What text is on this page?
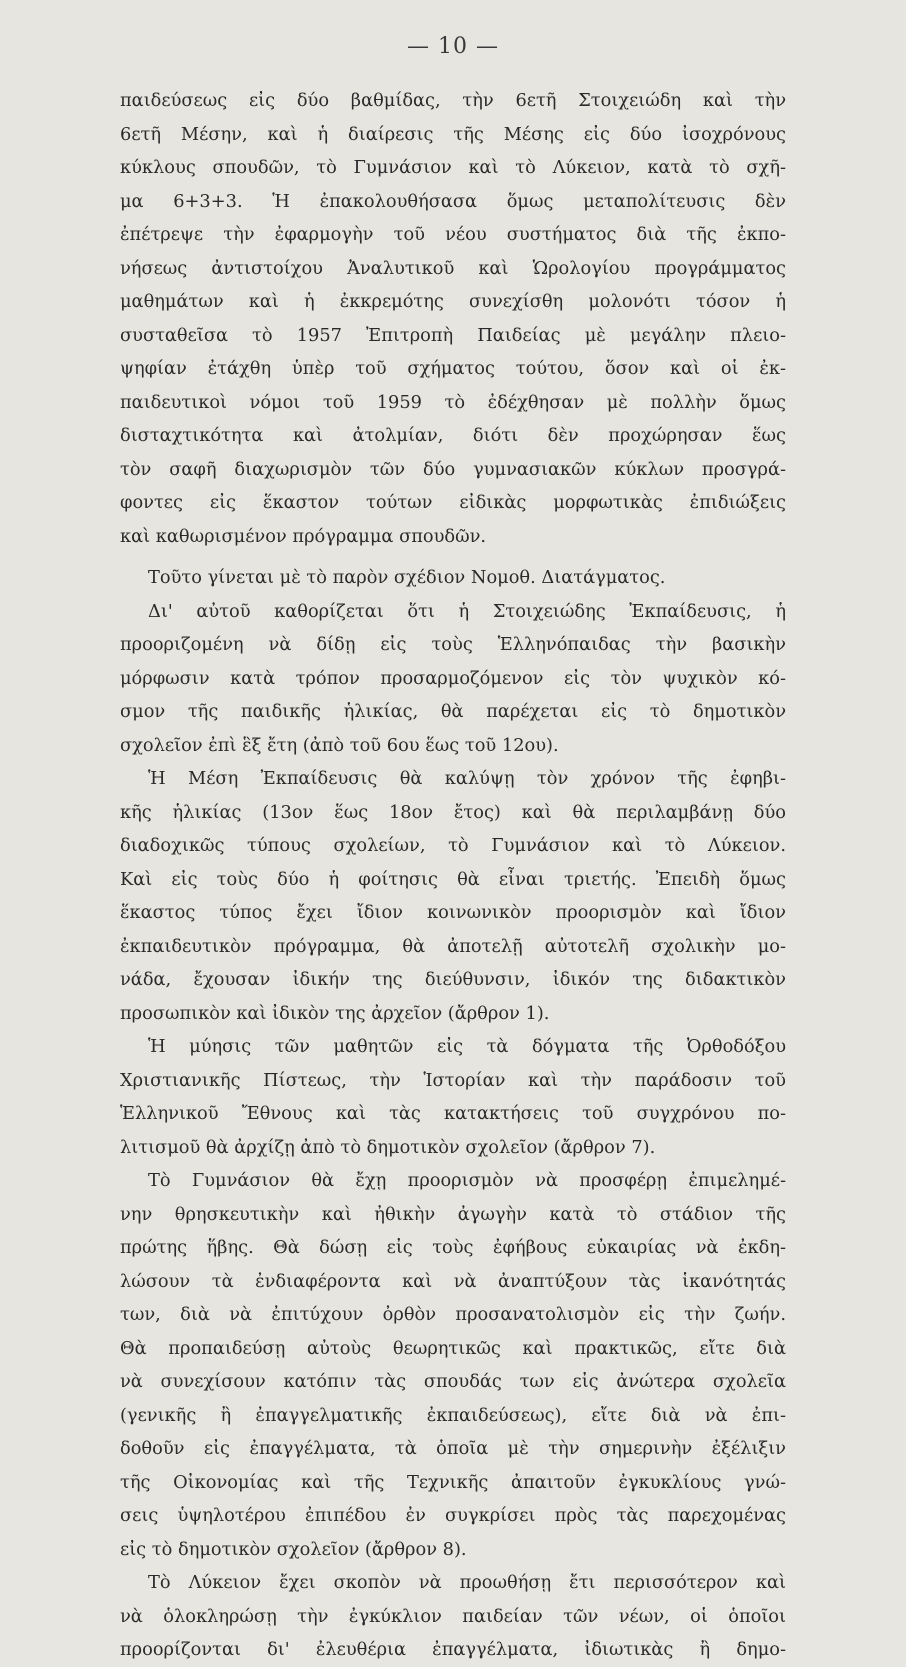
— 10 —
παιδεύσεως εἰς δύο βαθμίδας, τὴν 6ετῆ Στοιχειώδη καὶ τὴν
6ετῆ Μέσην, καὶ ἡ διαίρεσις τῆς Μέσης εἰς δύο ἰσοχρόνους
κύκλους σπουδῶν, τὸ Γυμνάσιον καὶ τὸ Λύκειον, κατὰ τὸ σχῆ-
μα 6+3+3. Ἡ ἐπακολουθήσασα ὅμως μεταπολίτευσις δὲν
ἐπέτρεψε τὴν ἐφαρμογὴν τοῦ νέου συστήματος διὰ τῆς ἐκπο-
νήσεως ἀντιστοίχου Ἀναλυτικοῦ καὶ Ὡρολογίου προγράμματος
μαθημάτων καὶ ἡ ἐκκρεμότης συνεχίσθη μολονότι τόσον ἡ
συσταθεῖσα τὸ 1957 Ἐπιτροπὴ Παιδείας μὲ μεγάλην πλειο-
ψηφίαν ἐτάχθη ὑπὲρ τοῦ σχήματος τούτου, ὅσον καὶ οἱ ἐκ-
παιδευτικοὶ νόμοι τοῦ 1959 τὸ ἐδέχθησαν μὲ πολλὴν ὅμως
δισταχτικότητα καὶ ἀτολμίαν, διότι δὲν προχώρησαν ἕως
τὸν σαφῆ διαχωρισμὸν τῶν δύο γυμνασιακῶν κύκλων προσγρά-
φοντες εἰς ἕκαστον τούτων εἰδικὰς μορφωτικὰς ἐπιδιώξεις
καὶ καθωρισμένον πρόγραμμα σπουδῶν.
Τοῦτο γίνεται μὲ τὸ παρὸν σχέδιον Νομοθ. Διατάγματος.
Δι' αὐτοῦ καθορίζεται ὅτι ἡ Στοιχειώδης Ἐκπαίδευσις, ἡ
προοριζομένη νὰ δίδῃ εἰς τοὺς Ἑλληνόπαιδας τὴν βασικὴν
μόρφωσιν κατὰ τρόπον προσαρμοζόμενον εἰς τὸν ψυχικὸν κό-
σμον τῆς παιδικῆς ἡλικίας, θὰ παρέχεται εἰς τὸ δημοτικὸν
σχολεῖον ἐπὶ ἓξ ἔτη (ἀπὸ τοῦ 6ου ἕως τοῦ 12ου).
Ἡ Μέση Ἐκπαίδευσις θὰ καλύψῃ τὸν χρόνον τῆς ἐφηβι-
κῆς ἡλικίας (13ον ἕως 18ον ἔτος) καὶ θὰ περιλαμβάνῃ δύο
διαδοχικῶς τύπους σχολείων, τὸ Γυμνάσιον καὶ τὸ Λύκειον.
Καὶ εἰς τοὺς δύο ἡ φοίτησις θὰ εἶναι τριετής. Ἐπειδὴ ὅμως
ἕκαστος τύπος ἔχει ἴδιον κοινωνικὸν προορισμὸν καὶ ἴδιον
ἐκπαιδευτικὸν πρόγραμμα, θὰ ἀποτελῇ αὐτοτελῆ σχολικὴν μο-
νάδα, ἔχουσαν ἰδικήν της διεύθυνσιν, ἰδικόν της διδακτικὸν
προσωπικὸν καὶ ἰδικὸν της ἀρχεῖον (ἄρθρον 1).
Ἡ μύησις τῶν μαθητῶν εἰς τὰ δόγματα τῆς Ὀρθοδόξου
Χριστιανικῆς Πίστεως, τὴν Ἱστορίαν καὶ τὴν παράδοσιν τοῦ
Ἑλληνικοῦ Ἔθνους καὶ τὰς κατακτήσεις τοῦ συγχρόνου πο-
λιτισμοῦ θὰ ἀρχίζῃ ἀπὸ τὸ δημοτικὸν σχολεῖον (ἄρθρον 7).
Τὸ Γυμνάσιον θὰ ἔχῃ προορισμὸν νὰ προσφέρῃ ἐπιμελημέ-
νην θρησκευτικὴν καὶ ἠθικὴν ἀγωγὴν κατὰ τὸ στάδιον τῆς
πρώτης ἥβης. Θὰ δώσῃ εἰς τοὺς ἐφήβους εὐκαιρίας νὰ ἐκδη-
λώσουν τὰ ἐνδιαφέροντα καὶ νὰ ἀναπτύξουν τὰς ἱκανότητάς
των, διὰ νὰ ἐπιτύχουν ὀρθὸν προσανατολισμὸν εἰς τὴν ζωήν.
Θὰ προπαιδεύσῃ αὐτοὺς θεωρητικῶς καὶ πρακτικῶς, εἴτε διὰ
νὰ συνεχίσουν κατόπιν τὰς σπουδάς των εἰς ἀνώτερα σχολεῖα
(γενικῆς ἢ ἐπαγγελματικῆς ἐκπαιδεύσεως), εἴτε διὰ νὰ ἐπι-
δοθοῦν εἰς ἐπαγγέλματα, τὰ ὁποῖα μὲ τὴν σημερινὴν ἐξέλιξιν
τῆς Οἰκονομίας καὶ τῆς Τεχνικῆς ἀπαιτοῦν ἐγκυκλίους γνώ-
σεις ὑψηλοτέρου ἐπιπέδου ἐν συγκρίσει πρὸς τὰς παρεχομένας
εἰς τὸ δημοτικὸν σχολεῖον (ἄρθρον 8).
Τὸ Λύκειον ἔχει σκοπὸν νὰ προωθήσῃ ἔτι περισσότερον καὶ
νὰ ὁλοκληρώσῃ τὴν ἐγκύκλιον παιδείαν τῶν νέων, οἱ ὁποῖοι
προορίζονται δι' ἐλευθέρια ἐπαγγέλματα, ἰδιωτικὰς ἢ δημο-
